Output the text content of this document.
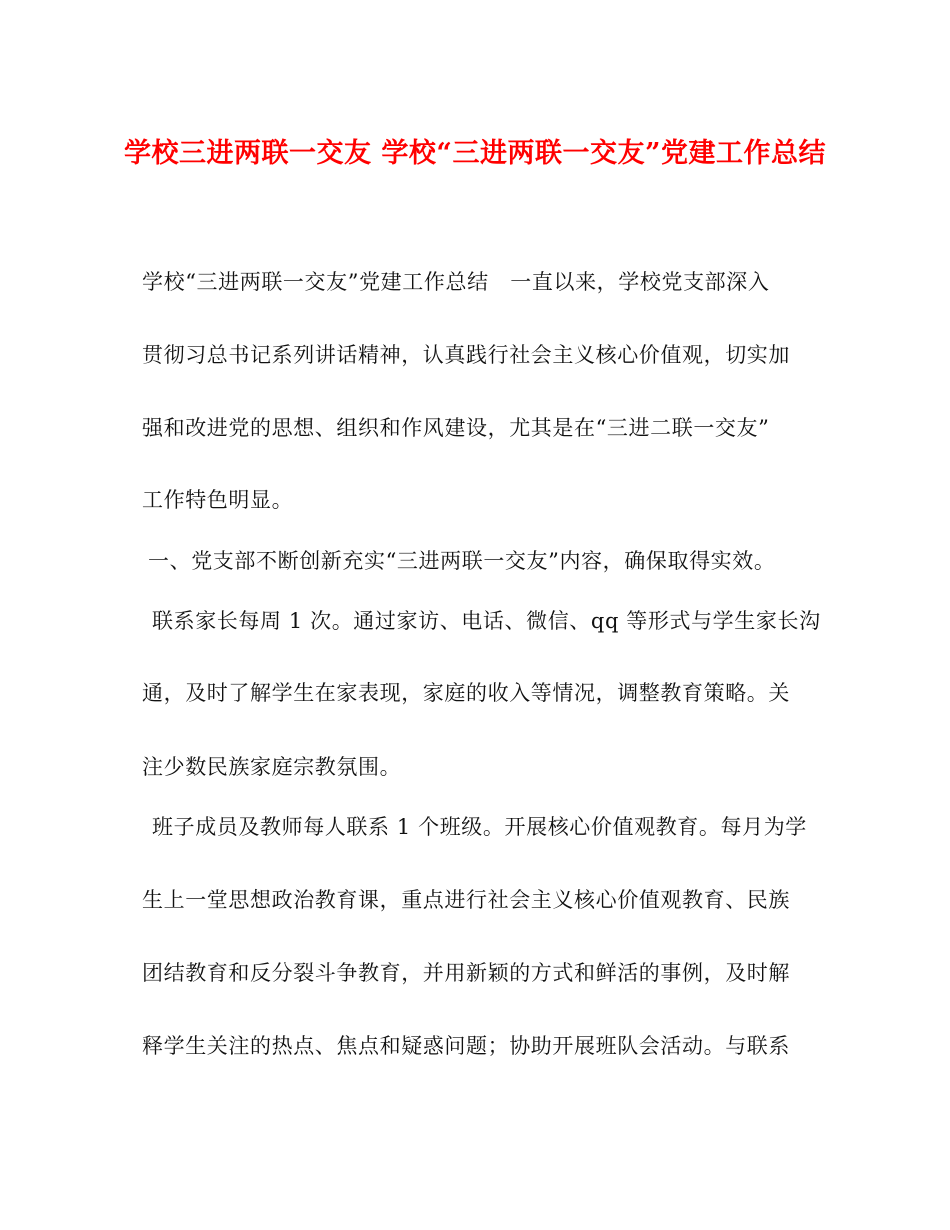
学校三进两联一交友 学校“三进两联一交友”党建工作总结
学校“三进两联一交友”党建工作总结　一直以来，学校党支部深入
贯彻习总书记系列讲话精神，认真践行社会主义核心价值观，切实加
强和改进党的思想、组织和作风建设，尤其是在“三进二联一交友”
工作特色明显。
一、党支部不断创新充实“三进两联一交友”内容，确保取得实效。
联系家长每周 1 次。通过家访、电话、微信、qq 等形式与学生家长沟
通，及时了解学生在家表现，家庭的收入等情况，调整教育策略。关
注少数民族家庭宗教氛围。
班子成员及教师每人联系 1 个班级。开展核心价值观教育。每月为学
生上一堂思想政治教育课，重点进行社会主义核心价值观教育、民族
团结教育和反分裂斗争教育，并用新颖的方式和鲜活的事例，及时解
释学生关注的热点、焦点和疑惑问题；协助开展班队会活动。与联系
